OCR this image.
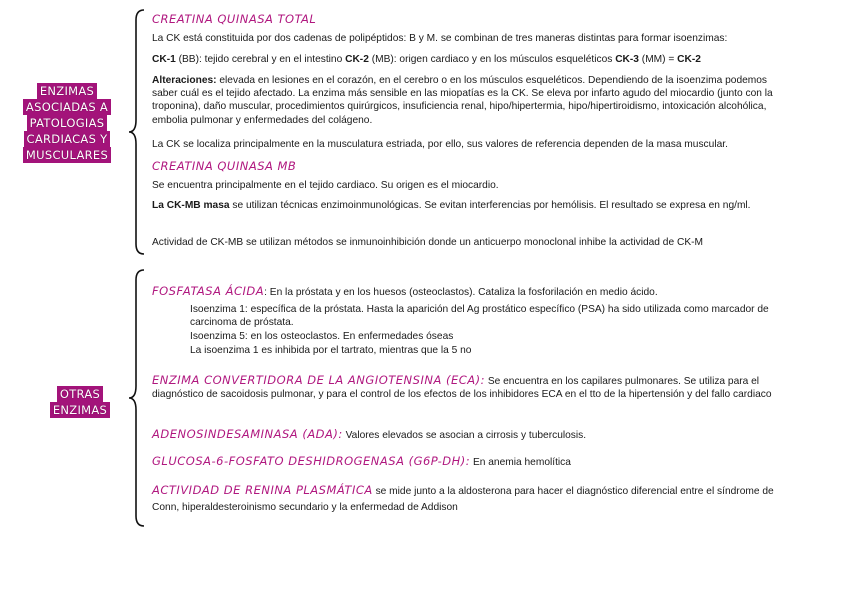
ENZIMAS
ASOCIADAS A
PATOLOGIAS
CARDIACAS Y
MUSCULARES
OTRAS
ENZIMAS
CREATINA QUINASA TOTAL

La CK está constituida por dos cadenas de polipéptidos: B y M. se combinan de tres maneras distintas para formar isoenzimas:

CK-1 (BB): tejido cerebral y en el intestino CK-2 (MB): origen cardiaco y en los músculos esqueléticos CK-3 (MM) = CK-2

Alteraciones: elevada en lesiones en el corazón, en el cerebro o en los músculos esqueléticos. Dependiendo de la isoenzima podemos saber cuál es el tejido afectado. La enzima más sensible en las miopatías es la CK. Se eleva por infarto agudo del miocardio (junto con la troponina), daño muscular, procedimientos quirúrgicos, insuficiencia renal, hipo/hipertermia, hipo/hipertiroidismo, intoxicación alcohólica, embolia pulmonar y enfermedades del colágeno.

La CK se localiza principalmente en la musculatura estriada, por ello, sus valores de referencia dependen de la masa muscular.

CREATINA QUINASA MB

Se encuentra principalmente en el tejido cardiaco. Su origen es el miocardio.

La CK-MB masa se utilizan técnicas enzimoinmunológicas. Se evitan interferencias por hemólisis. El resultado se expresa en ng/ml.

Actividad de CK-MB se utilizan métodos se inmunoinhibición donde un anticuerpo monoclonal inhibe la actividad de CK-M

FOSFATASA ÁCIDA: En la próstata y en los huesos (osteoclastos). Cataliza la fosforilación en medio ácido.

Isoenzima 1: específica de la próstata. Hasta la aparición del Ag prostático específico (PSA) ha sido utilizada como marcador de carcinoma de próstata.

Isoenzima 5: en los osteoclastos. En enfermedades óseas

La isoenzima 1 es inhibida por el tartrato, mientras que la 5 no

ENZIMA CONVERTIDORA DE LA ANGIOTENSINA (ECA): Se encuentra en los capilares pulmonares. Se utiliza para el diagnóstico de sacoidosis pulmonar, y para el control de los efectos de los inhibidores ECA en el tto de la hipertensión y del fallo cardiaco

ADENOSINDESAMINASA (ADA): Valores elevados se asocian a cirrosis y tuberculosis.

GLUCOSA-6-FOSFATO DESHIDROGENASA (G6P-DH): En anemia hemolítica

ACTIVIDAD DE RENINA PLASMÁTICA se mide junto a la aldosterona para hacer el diagnóstico diferencial entre el síndrome de Conn, hiperaldesteroinismo secundario y la enfermedad de Addison
